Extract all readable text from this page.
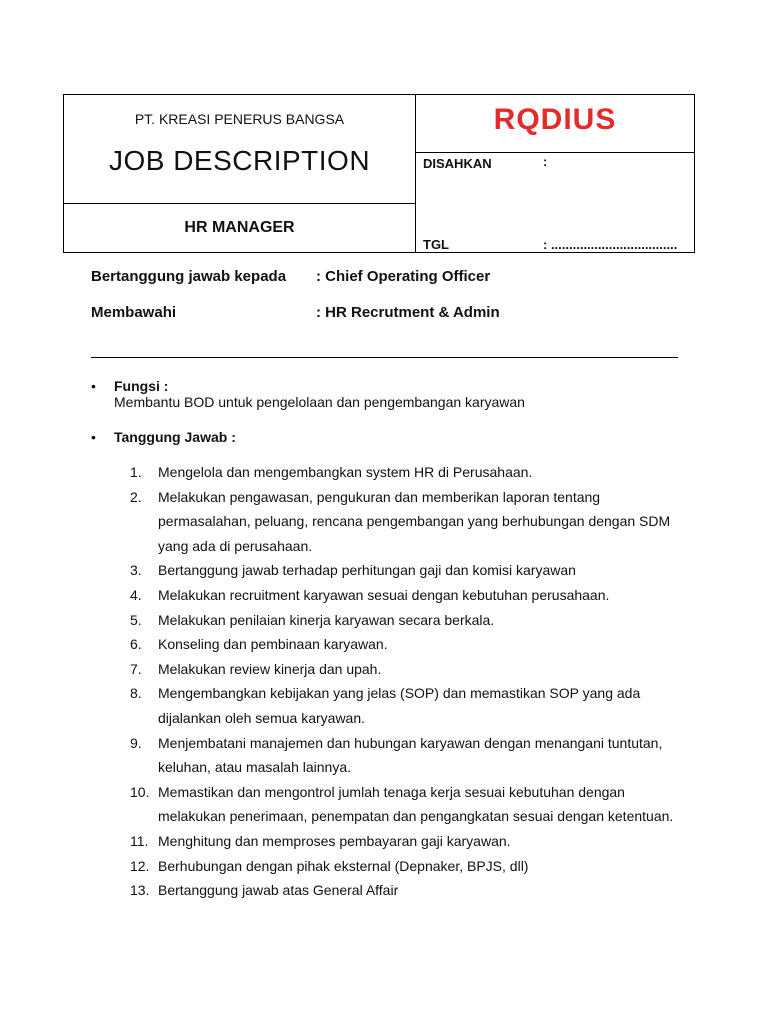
PT. KREASI PENERUS BANGSA
JOB DESCRIPTION
HR MANAGER
RQDIUS
DISAHKAN	:
TGL	: ...................................
Bertanggung jawab kepada : Chief Operating Officer
Membawahi	: HR Recrutment & Admin
• Fungsi :
Membantu BOD untuk pengelolaan dan pengembangan karyawan
• Tanggung Jawab :
1.	Mengelola dan mengembangkan system HR di Perusahaan.
2.	Melakukan pengawasan, pengukuran dan memberikan laporan tentang permasalahan, peluang, rencana pengembangan yang berhubungan dengan SDM yang ada di perusahaan.
3.	Bertanggung jawab terhadap perhitungan gaji dan komisi karyawan
4.	Melakukan recruitment karyawan sesuai dengan kebutuhan perusahaan.
5.	Melakukan penilaian kinerja karyawan secara berkala.
6.	Konseling dan pembinaan karyawan.
7.	Melakukan review kinerja dan upah.
8.	Mengembangkan kebijakan yang jelas (SOP) dan memastikan SOP yang ada dijalankan oleh semua karyawan.
9.	Menjembatani manajemen dan hubungan karyawan dengan menangani tuntutan, keluhan, atau masalah lainnya.
10. Memastikan dan mengontrol jumlah tenaga kerja sesuai kebutuhan dengan melakukan penerimaan, penempatan dan pengangkatan sesuai dengan ketentuan.
11. Menghitung dan memproses pembayaran gaji karyawan.
12. Berhubungan dengan pihak eksternal (Depnaker, BPJS, dll)
13. Bertanggung jawab atas General Affair
